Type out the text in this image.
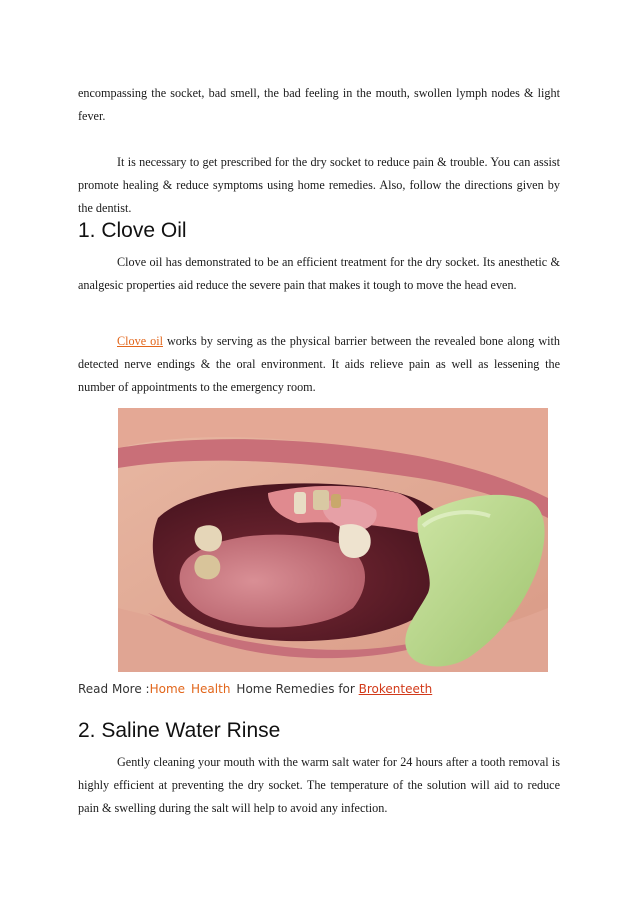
encompassing the socket, bad smell, the bad feeling in the mouth, swollen lymph nodes & light fever.

It is necessary to get prescribed for the dry socket to reduce pain & trouble. You can assist promote healing & reduce symptoms using home remedies. Also, follow the directions given by the dentist.

1. Clove Oil

Clove oil has demonstrated to be an efficient treatment for the dry socket. Its anesthetic & analgesic properties aid reduce the severe pain that makes it tough to move the head even.

Clove oil works by serving as the physical barrier between the revealed bone along with detected nerve endings & the oral environment. It aids relieve pain as well as lessening the number of appointments to the emergency room.

Read More :Home Health Home Remedies for Brokenteeth
2. Saline Water Rinse

Gently cleaning your mouth with the warm salt water for 24 hours after a tooth removal is highly efficient at preventing the dry socket. The temperature of the solution will aid to reduce pain & swelling during the salt will help to avoid any infection.
